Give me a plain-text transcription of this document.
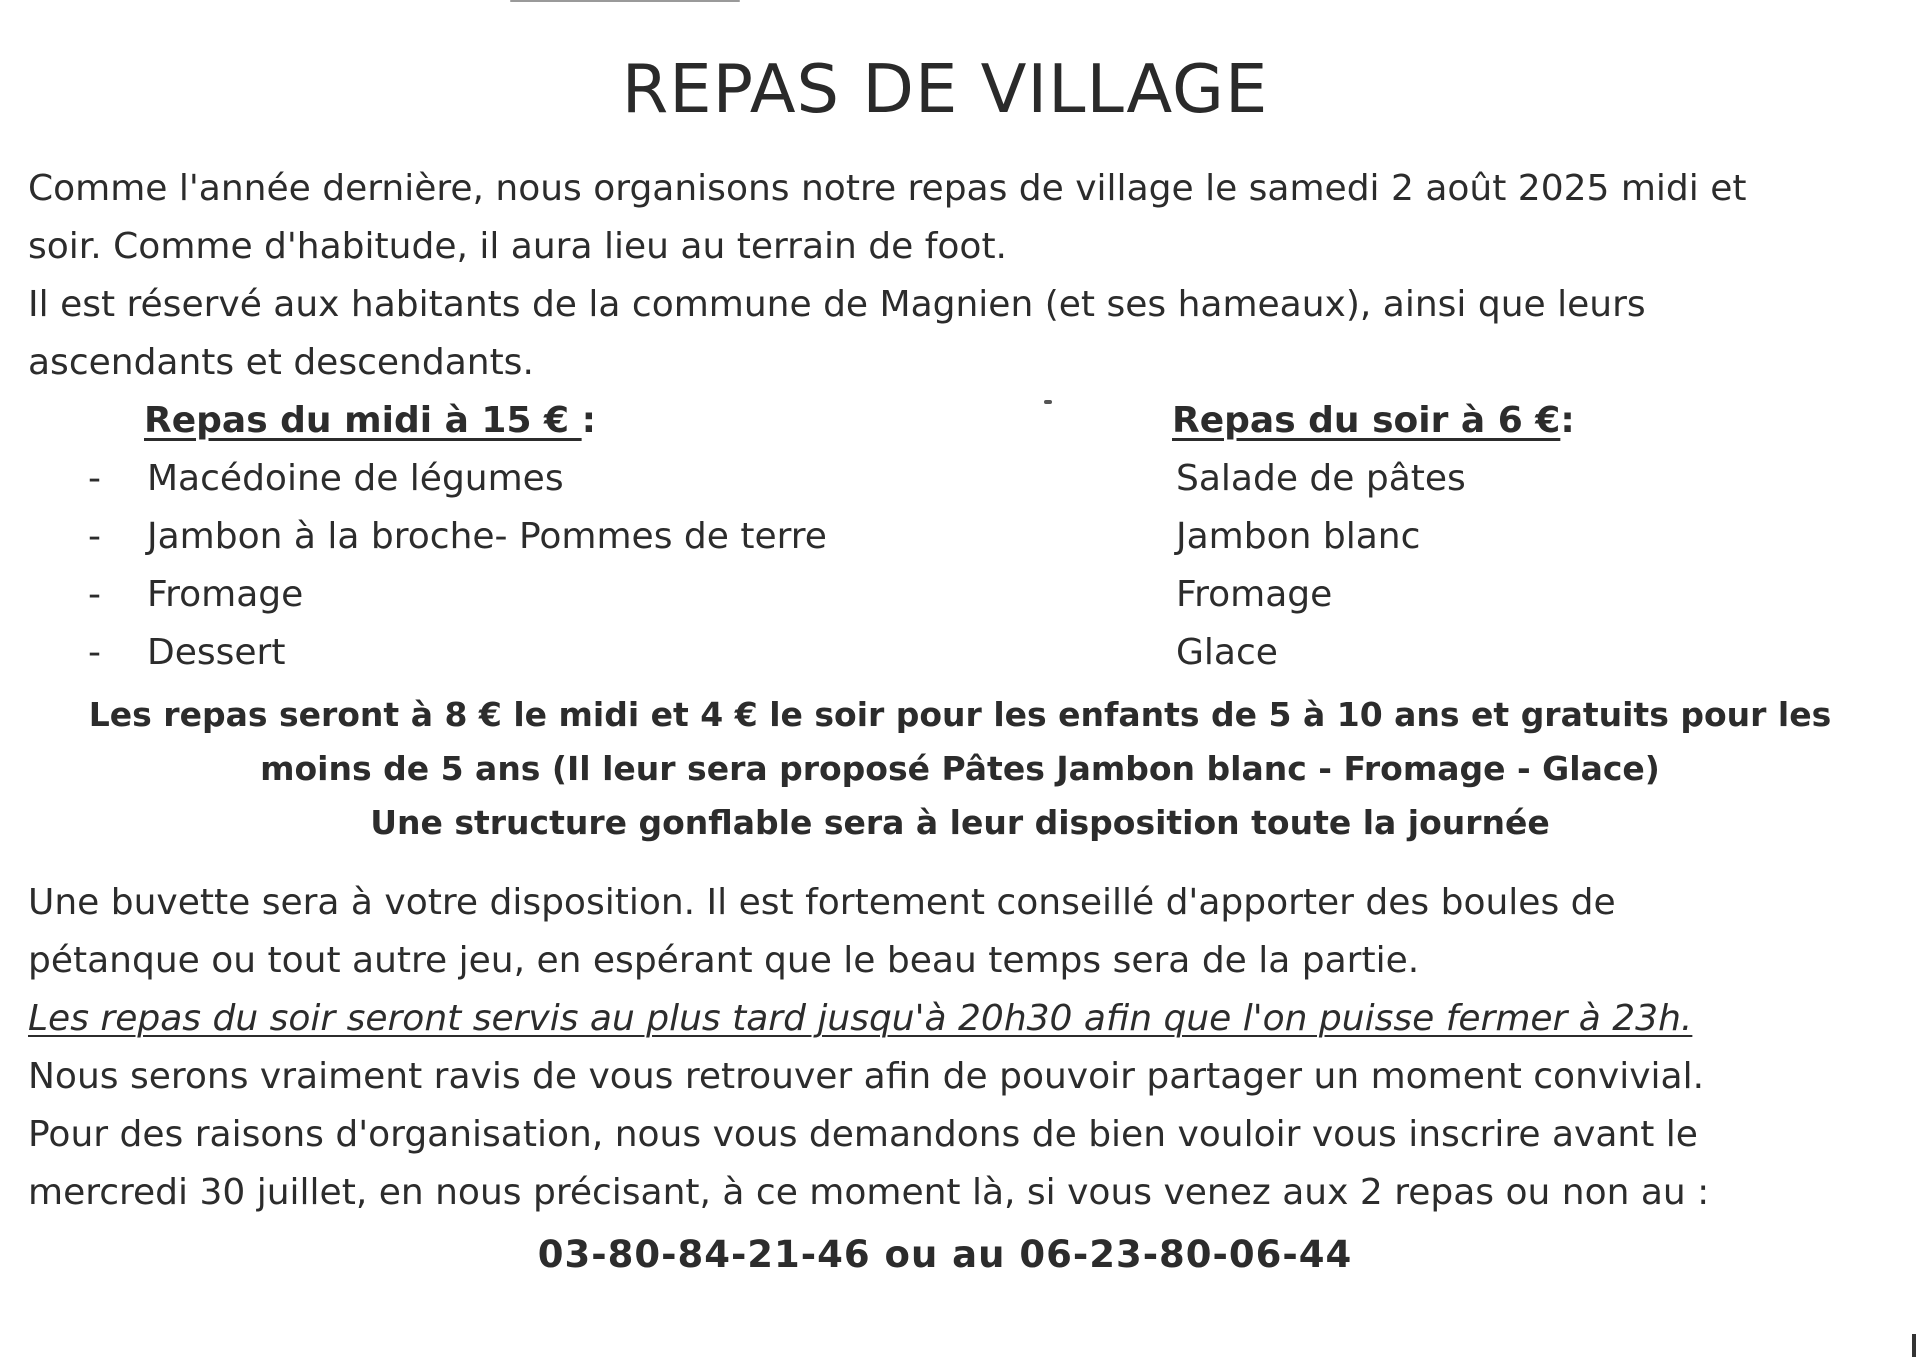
REPAS DE VILLAGE

Comme l'année dernière, nous organisons notre repas de village le samedi 2 août 2025 midi et

soir. Comme d'habitude, il aura lieu au terrain de foot.

Il est réservé aux habitants de la commune de Magnien (et ses hameaux), ainsi que leurs

ascendants et descendants.

Repas du midi à 15 € :

- Macédoine de légumes
- Jambon à la broche- Pommes de terre
- Fromage
- Dessert

Repas du soir à 6 €:

Salade de pâtes
Jambon blanc
Fromage
Glace

Les repas seront à 8 € le midi et 4 € le soir pour les enfants de 5 à 10 ans et gratuits pour les

moins de 5 ans (Il leur sera proposé Pâtes Jambon blanc - Fromage - Glace)

Une structure gonflable sera à leur disposition toute la journée

Une buvette sera à votre disposition. Il est fortement conseillé d'apporter des boules de

pétanque ou tout autre jeu, en espérant que le beau temps sera de la partie.

Les repas du soir seront servis au plus tard jusqu'à 20h30 afin que l'on puisse fermer à 23h.

Nous serons vraiment ravis de vous retrouver afin de pouvoir partager un moment convivial.

Pour des raisons d'organisation, nous vous demandons de bien vouloir vous inscrire avant le

mercredi 30 juillet, en nous précisant, à ce moment là, si vous venez aux 2 repas ou non au :

03-80-84-21-46 ou au 06-23-80-06-44
